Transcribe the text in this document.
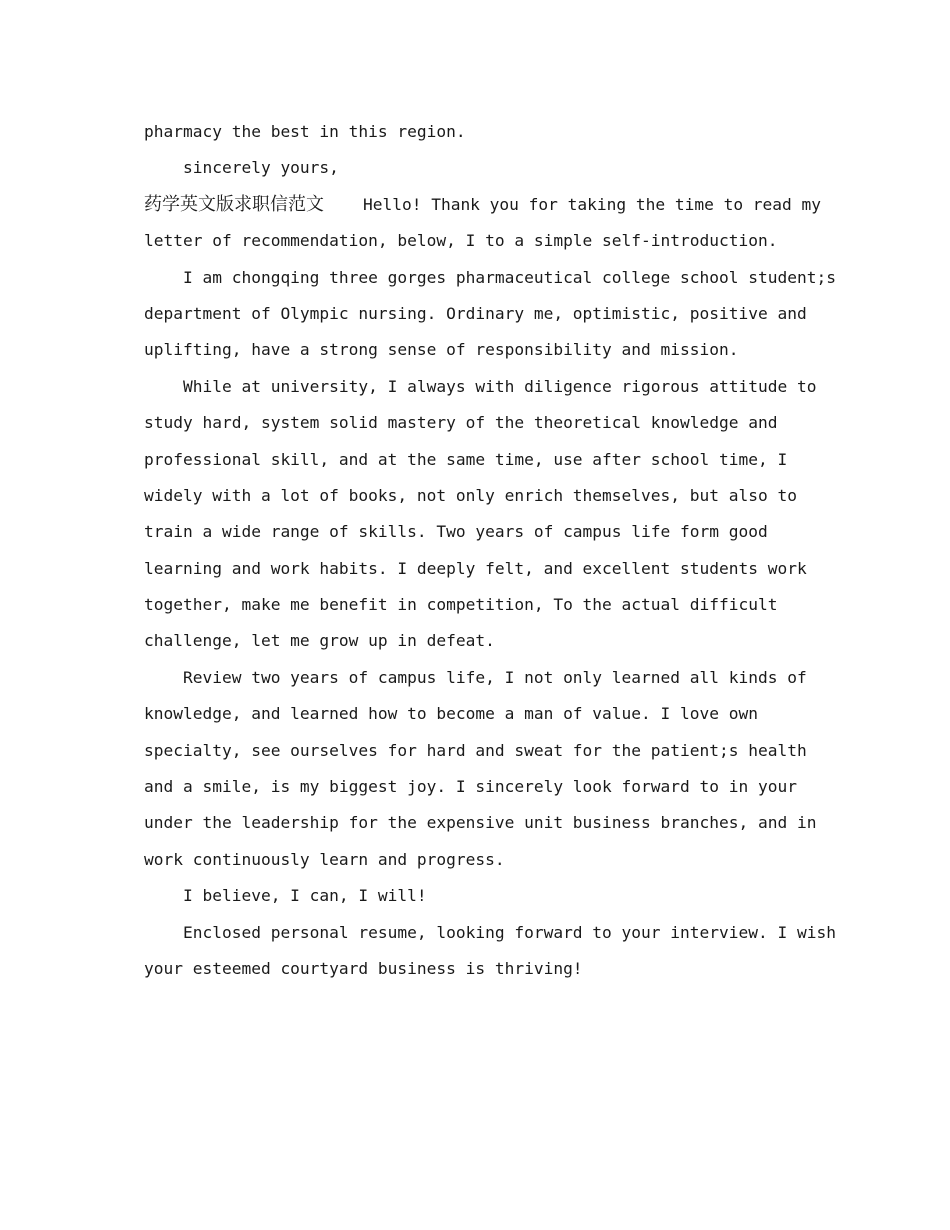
pharmacy the best in this region.
sincerely yours,
药学英文版求职信范文    Hello! Thank you for taking the time to read my
letter of recommendation, below, I to a simple self-introduction.
I am chongqing three gorges pharmaceutical college school student;s
department of Olympic nursing. Ordinary me, optimistic, positive and
uplifting, have a strong sense of responsibility and mission.
While at university, I always with diligence rigorous attitude to
study hard, system solid mastery of the theoretical knowledge and
professional skill, and at the same time, use after school time, I
widely with a lot of books, not only enrich themselves, but also to
train a wide range of skills. Two years of campus life form good
learning and work habits. I deeply felt, and excellent students work
together, make me benefit in competition, To the actual difficult
challenge, let me grow up in defeat.
Review two years of campus life, I not only learned all kinds of
knowledge, and learned how to become a man of value. I love own
specialty, see ourselves for hard and sweat for the patient;s health
and a smile, is my biggest joy. I sincerely look forward to in your
under the leadership for the expensive unit business branches, and in
work continuously learn and progress.
I believe, I can, I will!
Enclosed personal resume, looking forward to your interview. I wish
your esteemed courtyard business is thriving!
